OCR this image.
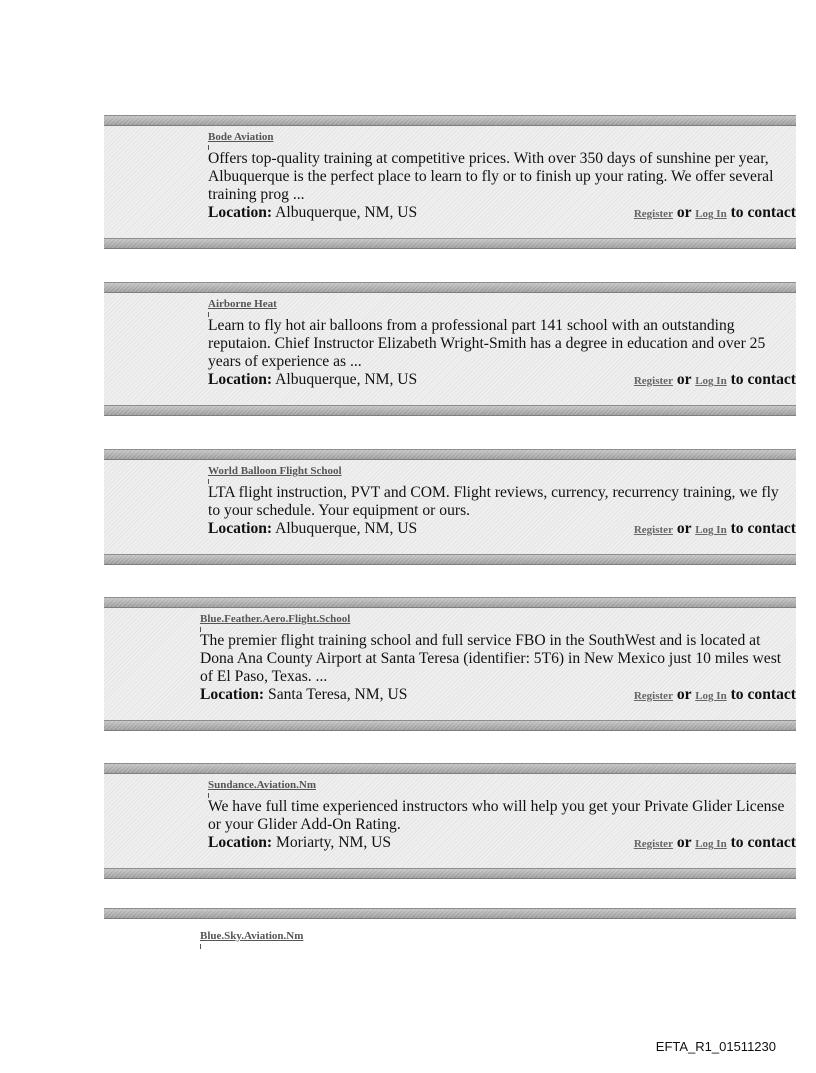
Bode Aviation
Offers top-quality training at competitive prices. With over 350 days of sunshine per year, Albuquerque is the perfect place to learn to fly or to finish up your rating. We offer several training prog ...
Location: Albuquerque, NM, US	Register or Log In to contact
Airborne Heat
Learn to fly hot air balloons from a professional part 141 school with an outstanding reputaion. Chief Instructor Elizabeth Wright-Smith has a degree in education and over 25 years of experience as ...
Location: Albuquerque, NM, US	Register or Log In to contact
World Balloon Flight School
LTA flight instruction, PVT and COM. Flight reviews, currency, recurrency training, we fly to your schedule. Your equipment or ours.
Location: Albuquerque, NM, US	Register or Log In to contact
Blue.Feather.Aero.Flight.School
The premier flight training school and full service FBO in the SouthWest and is located at Dona Ana County Airport at Santa Teresa (identifier: 5T6) in New Mexico just 10 miles west of El Paso, Texas. ...
Location: Santa Teresa, NM, US	Register or Log In to contact
Sundance.Aviation.Nm
We have full time experienced instructors who will help you get your Private Glider License or your Glider Add-On Rating.
Location: Moriarty, NM, US	Register or Log In to contact
Blue.Sky.Aviation.Nm
EFTA_R1_01511230
